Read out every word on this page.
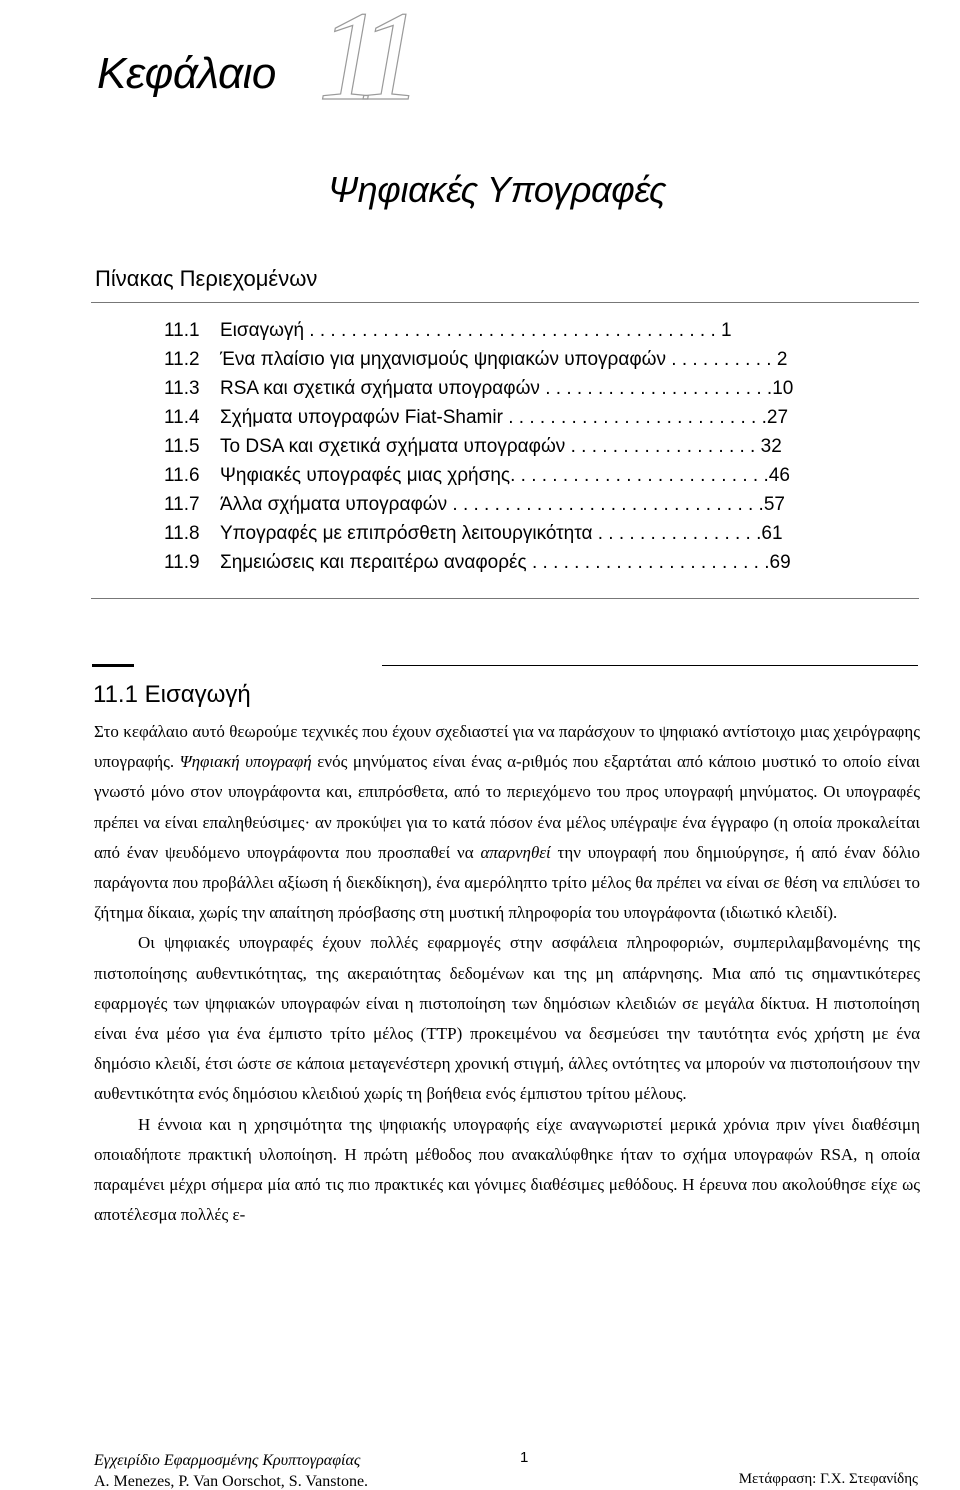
Κεφάλαιο 11
Ψηφιακές Υπογραφές
Πίνακας Περιεχομένων
11.1 Εισαγωγή . . . . . . . . . . . . . . . . . . . . . . . . . . . . . . . . . . . . . . . 1
11.2 Ένα πλαίσιο για μηχανισμούς ψηφιακών υπογραφών . . . . . . . . . . 2
11.3 RSA και σχετικά σχήματα υπογραφών . . . . . . . . . . . . . . . . . . . . . .10
11.4 Σχήματα υπογραφών Fiat-Shamir . . . . . . . . . . . . . . . . . . . . . . . . .27
11.5 Το DSA και σχετικά σχήματα υπογραφών . . . . . . . . . . . . . . . . . . 32
11.6 Ψηφιακές υπογραφές μιας χρήσης. . . . . . . . . . . . . . . . . . . . . . . . .46
11.7 Άλλα σχήματα υπογραφών . . . . . . . . . . . . . . . . . . . . . . . . . . . . . .57
11.8 Υπογραφές με επιπρόσθετη λειτουργικότητα . . . . . . . . . . . . . . . .61
11.9 Σημειώσεις και περαιτέρω αναφορές . . . . . . . . . . . . . . . . . . . . . . .69
11.1 Εισαγωγή

Στο κεφάλαιο αυτό θεωρούμε τεχνικές που έχουν σχεδιαστεί για να παράσχουν το ψηφιακό αντίστοιχο μιας χειρόγραφης υπογραφής. Ψηφιακή υπογραφή ενός μηνύματος είναι ένας α-ριθμός που εξαρτάται από κάποιο μυστικό το οποίο είναι γνωστό μόνο στον υπογράφοντα και, επιπρόσθετα, από το περιεχόμενο του προς υπογραφή μηνύματος. Οι υπογραφές πρέπει να είναι επαληθεύσιμες· αν προκύψει για το κατά πόσον ένα μέλος υπέγραψε ένα έγγραφο (η οποία προκαλείται από έναν ψευδόμενο υπογράφοντα που προσπαθεί να απαρνηθεί την υπογραφή που δημιούργησε, ή από έναν δόλιο παράγοντα που προβάλλει αξίωση ή διεκδίκηση), ένα αμερόληπτο τρίτο μέλος θα πρέπει να είναι σε θέση να επιλύσει το ζήτημα δίκαια, χωρίς την απαίτηση πρόσβασης στη μυστική πληροφορία του υπογράφοντα (ιδιωτικό κλειδί).

Οι ψηφιακές υπογραφές έχουν πολλές εφαρμογές στην ασφάλεια πληροφοριών, συμπεριλαμβανομένης της πιστοποίησης αυθεντικότητας, της ακεραιότητας δεδομένων και της μη απάρνησης. Μια από τις σημαντικότερες εφαρμογές των ψηφιακών υπογραφών είναι η πιστοποίηση των δημόσιων κλειδιών σε μεγάλα δίκτυα. Η πιστοποίηση είναι ένα μέσο για ένα έμπιστο τρίτο μέλος (TTP) προκειμένου να δεσμεύσει την ταυτότητα ενός χρήστη με ένα δημόσιο κλειδί, έτσι ώστε σε κάποια μεταγενέστερη χρονική στιγμή, άλλες οντότητες να μπορούν να πιστοποιήσουν την αυθεντικότητα ενός δημόσιου κλειδιού χωρίς τη βοήθεια ενός έμπιστου τρίτου μέλους.

Η έννοια και η χρησιμότητα της ψηφιακής υπογραφής είχε αναγνωριστεί μερικά χρόνια πριν γίνει διαθέσιμη οποιαδήποτε πρακτική υλοποίηση. Η πρώτη μέθοδος που ανακαλύφθηκε ήταν το σχήμα υπογραφών RSA, η οποία παραμένει μέχρι σήμερα μία από τις πιο πρακτικές και γόνιμες διαθέσιμες μεθόδους. Η έρευνα που ακολούθησε είχε ως αποτέλεσμα πολλές ε-

Εγχειρίδιο Εφαρμοσμένης Κρυπτογραφίας
A. Menezes, P. Van Oorschot, S. Vanstone.
1
Μετάφραση: Γ.Χ. Στεφανίδης
